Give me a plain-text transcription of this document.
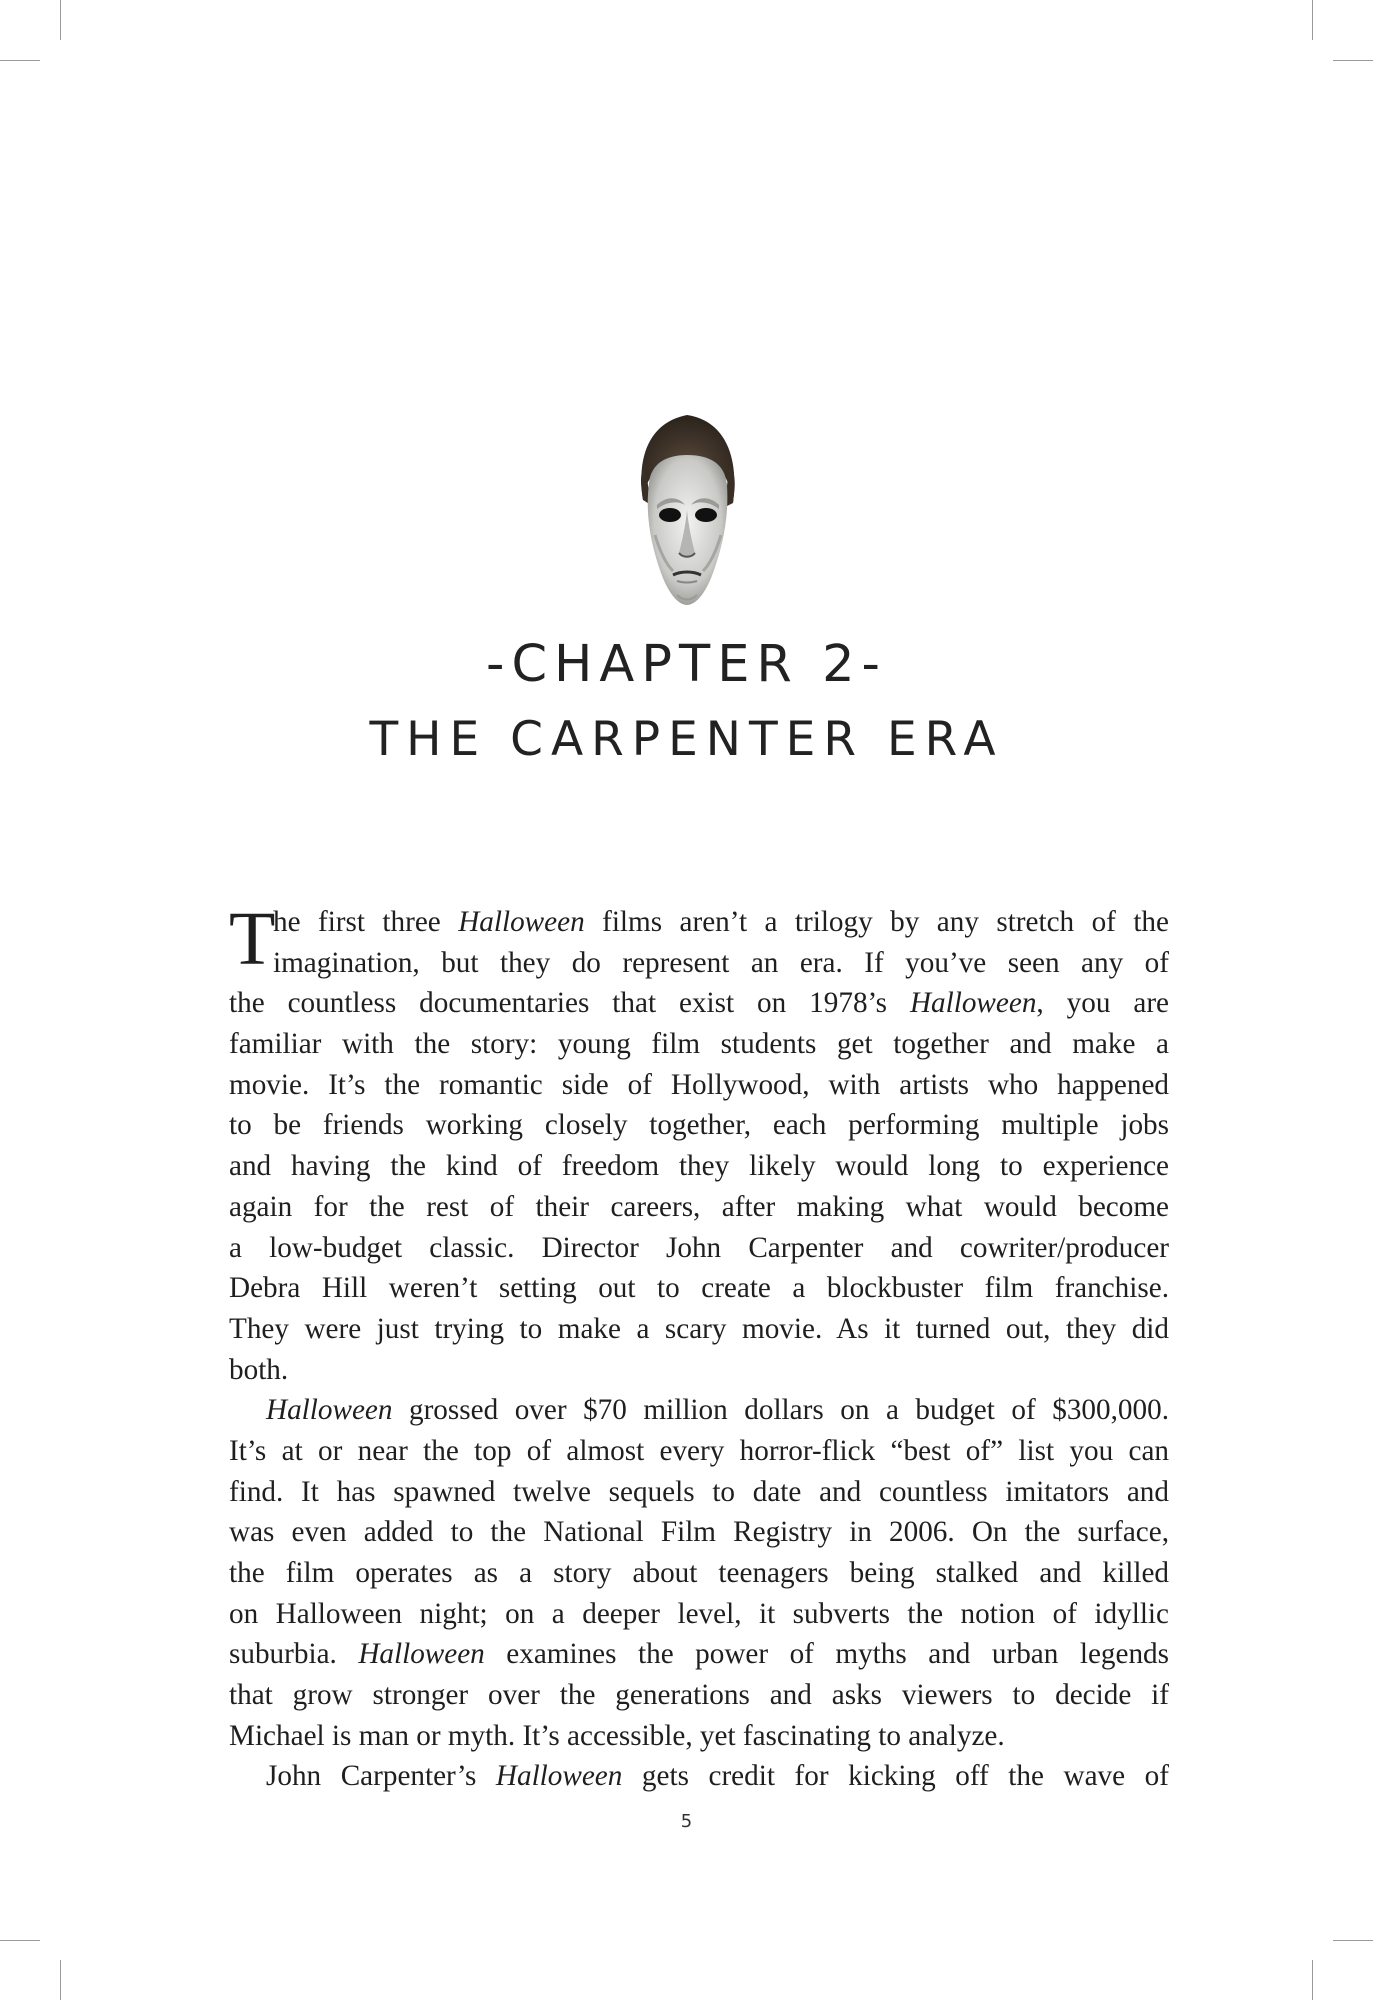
-CHAPTER 2-
THE CARPENTER ERA
T
he first three Halloween films aren’t a trilogy by any stretch of the
imagination, but they do represent an era. If you’ve seen any of
the countless documentaries that exist on 1978’s Halloween, you are
familiar with the story: young film students get together and make a
movie. It’s the romantic side of Hollywood, with artists who happened
to be friends working closely together, each performing multiple jobs
and having the kind of freedom they likely would long to experience
again for the rest of their careers, after making what would become
a low-budget classic. Director John Carpenter and cowriter/producer
Debra Hill weren’t setting out to create a blockbuster film franchise.
They were just trying to make a scary movie. As it turned out, they did
both.
Halloween grossed over $70 million dollars on a budget of $300,000.
It’s at or near the top of almost every horror-flick “best of” list you can
find. It has spawned twelve sequels to date and countless imitators and
was even added to the National Film Registry in 2006. On the surface,
the film operates as a story about teenagers being stalked and killed
on Halloween night; on a deeper level, it subverts the notion of idyllic
suburbia. Halloween examines the power of myths and urban legends
that grow stronger over the generations and asks viewers to decide if
Michael is man or myth. It’s accessible, yet fascinating to analyze.
John Carpenter’s Halloween gets credit for kicking off the wave of
5
